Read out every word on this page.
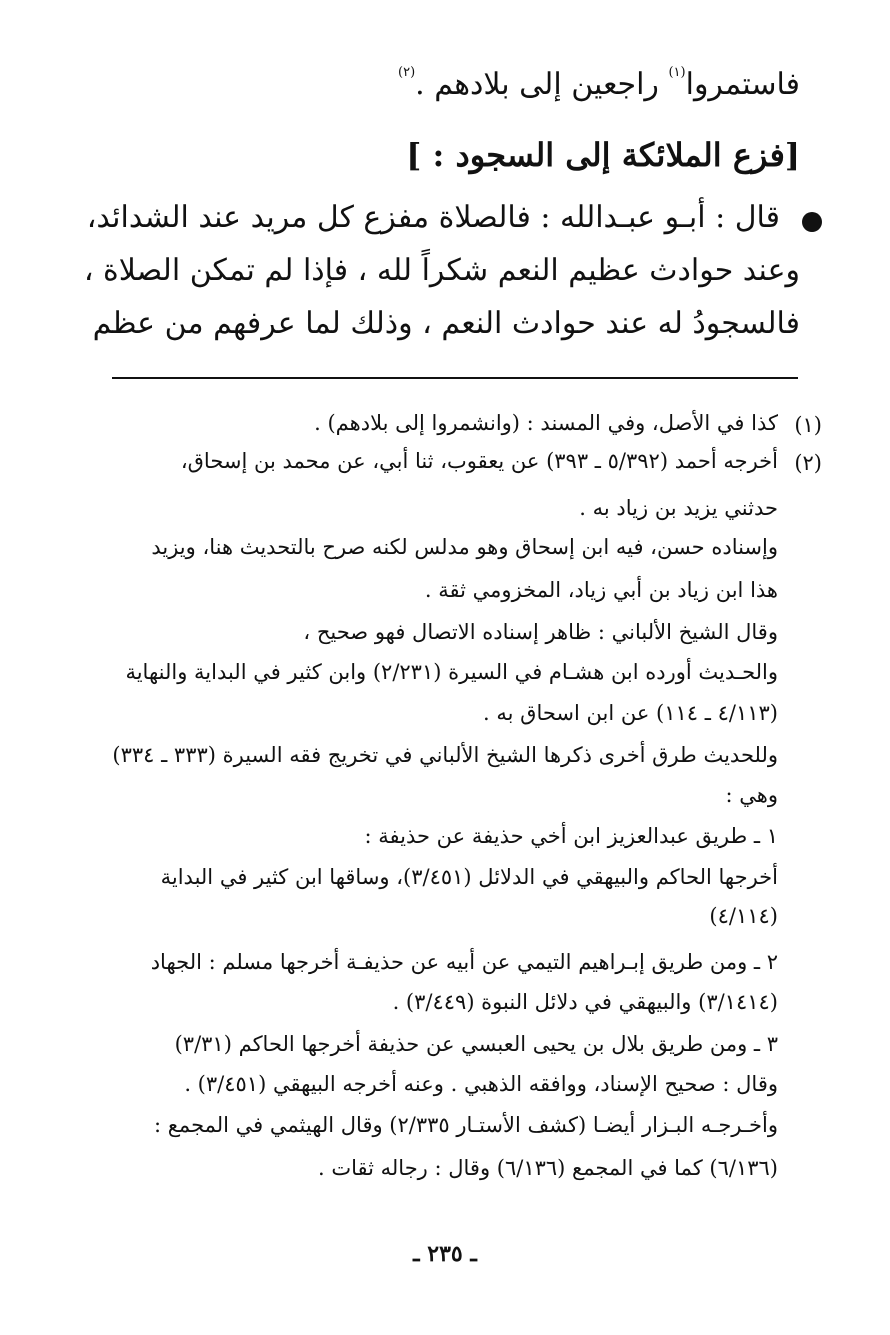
فاستمروا$^{(١)}$ راجعين إلى بلادهم .$^{(٢)}$
[فزع الملائكة إلى السجود : ]
قال : أبـو عبـدالله : فالصلاة مفزع كل مريد عند الشدائد،
وعند حوادث عظيم النعم شكراً لله ، فإذا لم تمكن الصلاة ،
فالسجودُ له عند حوادث النعم ، وذلك لما عرفهم من عظم
(١)
كذا في الأصل، وفي المسند : (وانشمروا إلى بلادهم) .
(٢)
أخرجه أحمد (٥/٣٩٢ ـ ٣٩٣) عن يعقوب، ثنا أبي، عن محمد بن إسحاق،
حدثني يزيد بن زياد به .
وإسناده حسن، فيه ابن إسحاق وهو مدلس لكنه صرح بالتحديث هنا، ويزيد
هذا ابن زياد بن أبي زياد، المخزومي ثقة .
وقال الشيخ الألباني : ظاهر إسناده الاتصال فهو صحيح ،
والحـديث أورده ابن هشـام في السيرة (٢/٢٣١) وابن كثير في البداية والنهاية
(٤/١١٣ ـ ١١٤) عن ابن اسحاق به .
وللحديث طرق أخرى ذكرها الشيخ الألباني في تخريج فقه السيرة (٣٣٣ ـ ٣٣٤)
وهي :
١ ـ طريق عبدالعزيز ابن أخي حذيفة عن حذيفة :
أخرجها الحاكم والبيهقي في الدلائل (٣/٤٥١)، وساقها ابن كثير في البداية
(٤/١١٤)
٢ ـ ومن طريق إبـراهيم التيمي عن أبيه عن حذيفـة أخرجها مسلم : الجهاد
(٣/١٤١٤) والبيهقي في دلائل النبوة (٣/٤٤٩) .
٣ ـ ومن طريق بلال بن يحيى العبسي عن حذيفة أخرجها الحاكم (٣/٣١)
وقال : صحيح الإسناد، ووافقه الذهبي . وعنه أخرجه البيهقي (٣/٤٥١) .
وأخـرجـه البـزار أيضـا (كشف الأستـار ٢/٣٣٥) وقال الهيثمي في المجمع :
(٦/١٣٦) كما في المجمع (٦/١٣٦) وقال : رجاله ثقات .
ـ ٢٣٥ ـ
